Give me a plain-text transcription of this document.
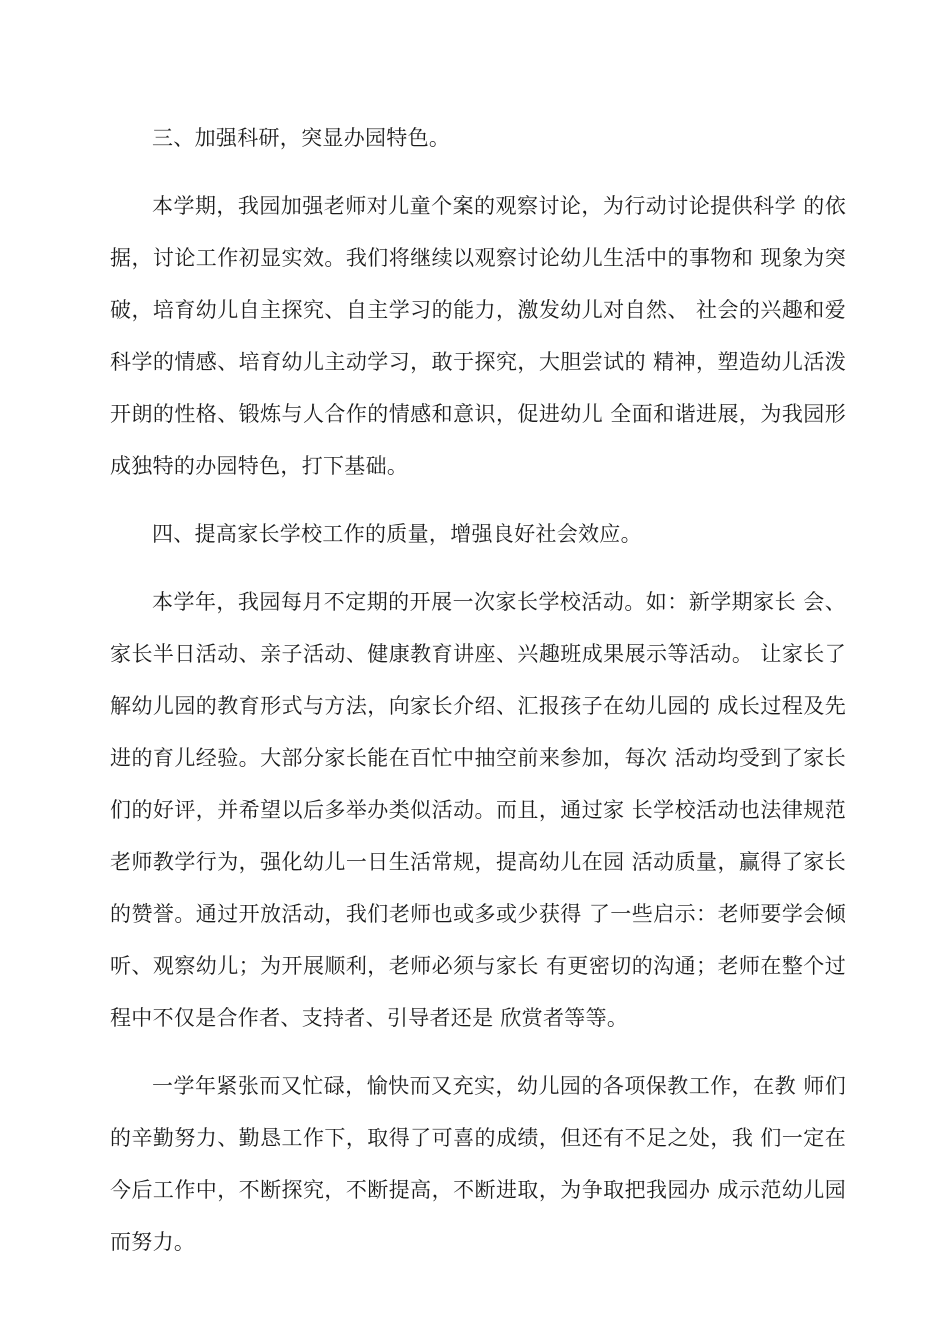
三、加强科研，突显办园特色。

本学期，我园加强老师对儿童个案的观察讨论，为行动讨论提供科学 的依据，讨论工作初显实效。我们将继续以观察讨论幼儿生活中的事物和 现象为突破，培育幼儿自主探究、自主学习的能力，激发幼儿对自然、 社会的兴趣和爱科学的情感、培育幼儿主动学习，敢于探究，大胆尝试的 精神，塑造幼儿活泼开朗的性格、锻炼与人合作的情感和意识，促进幼儿 全面和谐进展，为我园形成独特的办园特色，打下基础。

四、提高家长学校工作的质量，增强良好社会效应。

本学年，我园每月不定期的开展一次家长学校活动。如：新学期家长 会、家长半日活动、亲子活动、健康教育讲座、兴趣班成果展示等活动。 让家长了解幼儿园的教育形式与方法，向家长介绍、汇报孩子在幼儿园的 成长过程及先进的育儿经验。大部分家长能在百忙中抽空前来参加，每次 活动均受到了家长们的好评，并希望以后多举办类似活动。而且，通过家 长学校活动也法律规范老师教学行为，强化幼儿一日生活常规，提高幼儿在园 活动质量，赢得了家长的赞誉。通过开放活动，我们老师也或多或少获得 了一些启示：老师要学会倾听、观察幼儿；为开展顺利，老师必须与家长 有更密切的沟通；老师在整个过程中不仅是合作者、支持者、引导者还是 欣赏者等等。

一学年紧张而又忙碌，愉快而又充实，幼儿园的各项保教工作，在教 师们的辛勤努力、勤恳工作下，取得了可喜的成绩，但还有不足之处，我 们一定在今后工作中，不断探究，不断提高，不断进取，为争取把我园办 成示范幼儿园而努力。
